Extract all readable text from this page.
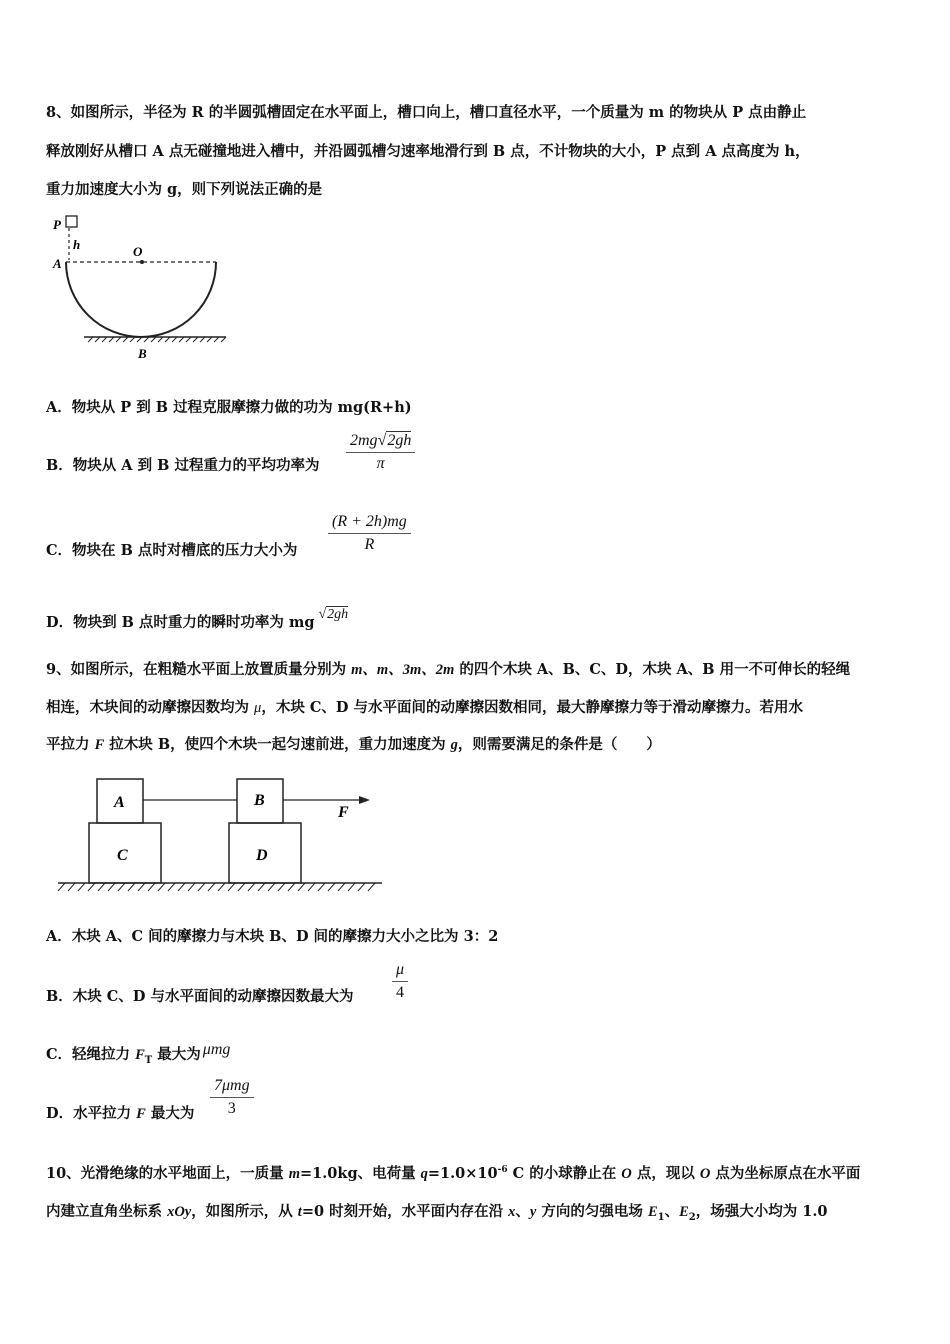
8、如图所示，半径为 R 的半圆弧槽固定在水平面上，槽口向上，槽口直径水平，一个质量为 m 的物块从 P 点由静止
释放刚好从槽口 A 点无碰撞地进入槽中，并沿圆弧槽匀速率地滑行到 B 点，不计物块的大小，P 点到 A 点高度为 h，
重力加速度大小为 g，则下列说法正确的是
P
h
A
O
B
A．物块从 P 到 B 过程克服摩擦力做的功为 mg(R+h)
B．物块从 A 到 B 过程重力的平均功率为 $\frac{2mg√2gh}{\pi}$
C．物块在 B 点时对槽底的压力大小为 $\frac{(R + 2h)mg}{R}$
D．物块到 B 点时重力的瞬时功率为 mg √2gh
9、如图所示，在粗糙水平面上放置质量分别为 m、m、3m、2m 的四个木块 A、B、C、D，木块 A、B 用一不可伸长的轻绳
相连，木块间的动摩擦因数均为 μ，木块 C、D 与水平面间的动摩擦因数相同，最大静摩擦力等于滑动摩擦力。若用水
平拉力 F 拉木块 B，使四个木块一起匀速前进，重力加速度为 g，则需要满足的条件是（　　）
A	B
C	D
F
A．木块 A、C 间的摩擦力与木块 B、D 间的摩擦力大小之比为 3：2
B．木块 C、D 与水平面间的动摩擦因数最大为 $\frac{\mu}{4}$
C．轻绳拉力 $F_T$ 最大为 μmg
D．水平拉力 F 最大为
7μmg
3
10、光滑绝缘的水平地面上，一质量 m=1.0kg、电荷量 $q=1.0\times 10^{-6}$ C 的小球静止在 O 点，现以 O 点为坐标原点在水平面
内建立直角坐标系 xOy，如图所示，从 t=0 时刻开始，水平面内存在沿 x、y 方向的匀强电场 $E_1$、$E_2$，场强大小均为 1.0
